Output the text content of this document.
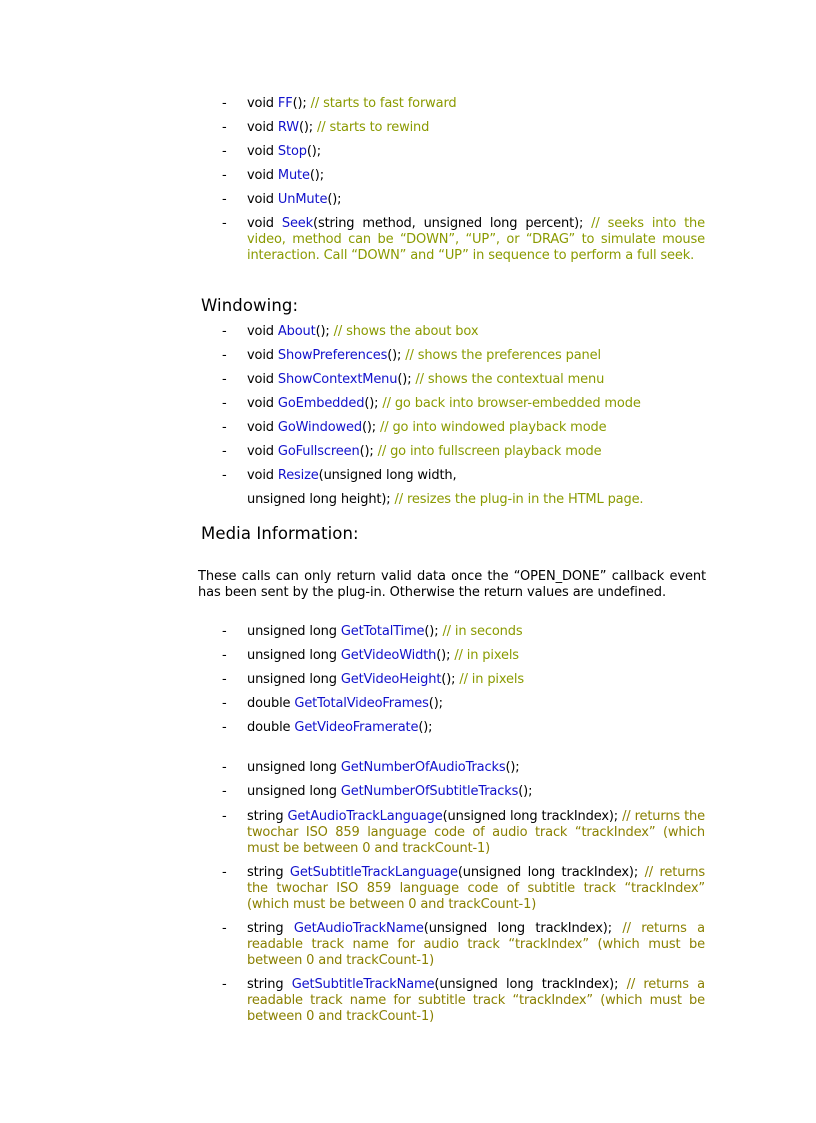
-	void FF(); // starts to fast forward
-	void RW(); // starts to rewind
-	void Stop();
-	void Mute();
-	void UnMute();
-	void Seek(string method, unsigned long percent); // seeks into the video, method can be “DOWN”, “UP”, or “DRAG” to simulate mouse interaction. Call “DOWN” and “UP” in sequence to perform a full seek.
Windowing:
-	void About(); // shows the about box
-	void ShowPreferences(); // shows the preferences panel
-	void ShowContextMenu(); // shows the contextual menu
-	void GoEmbedded(); // go back into browser-embedded mode
-	void GoWindowed(); // go into windowed playback mode
-	void GoFullscreen(); // go into fullscreen playback mode
-	void Resize(unsigned long width,
unsigned long height); // resizes the plug-in in the HTML page.
Media Information:
These calls can only return valid data once the “OPEN_DONE” callback event has been sent by the plug-in. Otherwise the return values are undefined.
-	unsigned long GetTotalTime(); // in seconds
-	unsigned long GetVideoWidth(); // in pixels
-	unsigned long GetVideoHeight(); // in pixels
-	double GetTotalVideoFrames();
-	double GetVideoFramerate();
-	unsigned long GetNumberOfAudioTracks();
-	unsigned long GetNumberOfSubtitleTracks();
-	string GetAudioTrackLanguage(unsigned long trackIndex); // returns the twochar ISO 859 language code of audio track “trackIndex” (which must be between 0 and trackCount-1)
-	string GetSubtitleTrackLanguage(unsigned long trackIndex); // returns the twochar ISO 859 language code of subtitle track “trackIndex” (which must be between 0 and trackCount-1)
-	string GetAudioTrackName(unsigned long trackIndex); // returns a readable track name for audio track “trackIndex” (which must be between 0 and trackCount-1)
-	string GetSubtitleTrackName(unsigned long trackIndex); // returns a readable track name for subtitle track “trackIndex” (which must be between 0 and trackCount-1)
